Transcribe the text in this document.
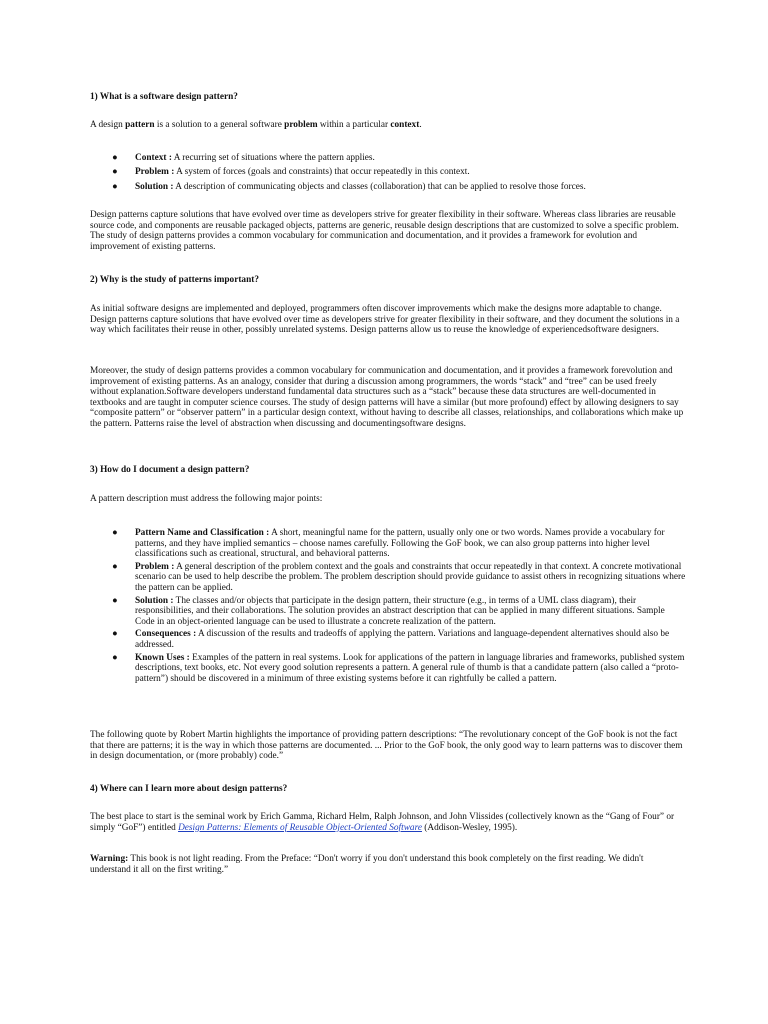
1) What is a software design pattern?
A design pattern is a solution to a general software problem within a particular context.
● Context : A recurring set of situations where the pattern applies.
● Problem : A system of forces (goals and constraints) that occur repeatedly in this context.
● Solution : A description of communicating objects and classes (collaboration) that can be applied to resolve those forces.

Design patterns capture solutions that have evolved over time as developers strive for greater flexibility in their software. Whereas class libraries are reusable source code, and components are reusable packaged objects, patterns are generic, reusable design descriptions that are customized to solve a specific problem. The study of design patterns provides a common vocabulary for communication and documentation, and it provides a framework for evolution and improvement of existing patterns.

2) Why is the study of patterns important?

As initial software designs are implemented and deployed, programmers often discover improvements which make the designs more adaptable to change. Design patterns capture solutions that have evolved over time as developers strive for greater flexibility in their software, and they document the solutions in a way which facilitates their reuse in other, possibly unrelated systems. Design patterns allow us to reuse the knowledge of experiencedsoftware designers.

Moreover, the study of design patterns provides a common vocabulary for communication and documentation, and it provides a framework forevolution and improvement of existing patterns. As an analogy, consider that during a discussion among programmers, the words “stack” and “tree” can be used freely without explanation.Software developers understand fundamental data structures such as a “stack” because these data structures are well-documented in textbooks and are taught in computer science courses. The study of design patterns will have a similar (but more profound) effect by allowing designers to say “composite pattern” or “observer pattern” in a particular design context, without having to describe all classes, relationships, and collaborations which make up the pattern. Patterns raise the level of abstraction when discussing and documentingsoftware designs.

3) How do I document a design pattern?
A pattern description must address the following major points:
● Pattern Name and Classification : A short, meaningful name for the pattern, usually only one or two words. Names provide a vocabulary for patterns, and they have implied semantics – choose names carefully. Following the GoF book, we can also group patterns into higher level classifications such as creational, structural, and behavioral patterns.
● Problem : A general description of the problem context and the goals and constraints that occur repeatedly in that context. A concrete motivational scenario can be used to help describe the problem. The problem description should provide guidance to assist others in recognizing situations where the pattern can be applied.
● Solution : The classes and/or objects that participate in the design pattern, their structure (e.g., in terms of a UML class diagram), their responsibilities, and their collaborations. The solution provides an abstract description that can be applied in many different situations. Sample Code in an object-oriented language can be used to illustrate a concrete realization of the pattern.
● Consequences : A discussion of the results and tradeoffs of applying the pattern. Variations and language-dependent alternatives should also be addressed.
● Known Uses : Examples of the pattern in real systems. Look for applications of the pattern in language libraries and frameworks, published system descriptions, text books, etc. Not every good solution represents a pattern. A general rule of thumb is that a candidate pattern (also called a “proto-pattern”) should be discovered in a minimum of three existing systems before it can rightfully be called a pattern.

The following quote by Robert Martin highlights the importance of providing pattern descriptions: “The revolutionary concept of the GoF book is not the fact that there are patterns; it is the way in which those patterns are documented. ... Prior to the GoF book, the only good way to learn patterns was to discover them in design documentation, or (more probably) code.”

4) Where can I learn more about design patterns?

The best place to start is the seminal work by Erich Gamma, Richard Helm, Ralph Johnson, and John Vlissides (collectively known as the “Gang of Four” or simply “GoF”) entitled Design Patterns: Elements of Reusable Object-Oriented Software (Addison-Wesley, 1995).

Warning: This book is not light reading. From the Preface: “Don't worry if you don't understand this book completely on the first reading. We didn't understand it all on the first writing.”
